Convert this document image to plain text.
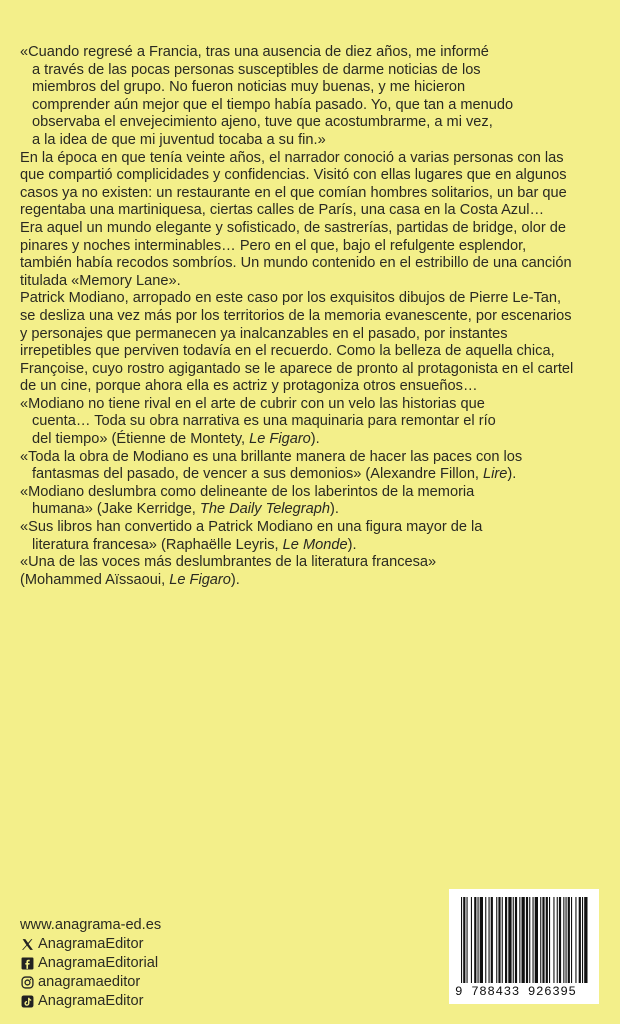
«Cuando regresé a Francia, tras una ausencia de diez años, me informé

a través de las pocas personas susceptibles de darme noticias de los

miembros del grupo. No fueron noticias muy buenas, y me hicieron

comprender aún mejor que el tiempo había pasado. Yo, que tan a menudo

observaba el envejecimiento ajeno, tuve que acostumbrarme, a mi vez,

a la idea de que mi juventud tocaba a su fin.»

En la época en que tenía veinte años, el narrador conoció a varias personas con las que compartió complicidades y confidencias. Visitó con ellas lugares que en algunos casos ya no existen: un restaurante en el que comían hombres solitarios, un bar que regentaba una martiniquesa, ciertas calles de París, una casa en la Costa Azul…

Era aquel un mundo elegante y sofisticado, de sastrerías, partidas de bridge, olor de pinares y noches interminables… Pero en el que, bajo el refulgente esplendor, también había recodos sombríos. Un mundo contenido en el estribillo de una canción titulada «Memory Lane».

Patrick Modiano, arropado en este caso por los exquisitos dibujos de Pierre Le-Tan, se desliza una vez más por los territorios de la memoria evanescente, por escenarios y personajes que permanecen ya inalcanzables en el pasado, por instantes irrepetibles que perviven todavía en el recuerdo. Como la belleza de aquella chica, Françoise, cuyo rostro agigantado se le aparece de pronto al protagonista en el cartel de un cine, porque ahora ella es actriz y protagoniza otros ensueños…

«Modiano no tiene rival en el arte de cubrir con un velo las historias que

cuenta… Toda su obra narrativa es una maquinaria para remontar el río

del tiempo» (Étienne de Montety, Le Figaro).

«Toda la obra de Modiano es una brillante manera de hacer las paces con los

fantasmas del pasado, de vencer a sus demonios» (Alexandre Fillon, Lire).

«Modiano deslumbra como delineante de los laberintos de la memoria

humana» (Jake Kerridge, The Daily Telegraph).

«Sus libros han convertido a Patrick Modiano en una figura mayor de la

literatura francesa» (Raphaëlle Leyris, Le Monde).

«Una de las voces más deslumbrantes de la literatura francesa»

(Mohammed Aïssaoui, Le Figaro).

www.anagrama-ed.es
AnagramaEditor
AnagramaEditorial
anagramaeditor
AnagramaEditor
9 788433 926395
